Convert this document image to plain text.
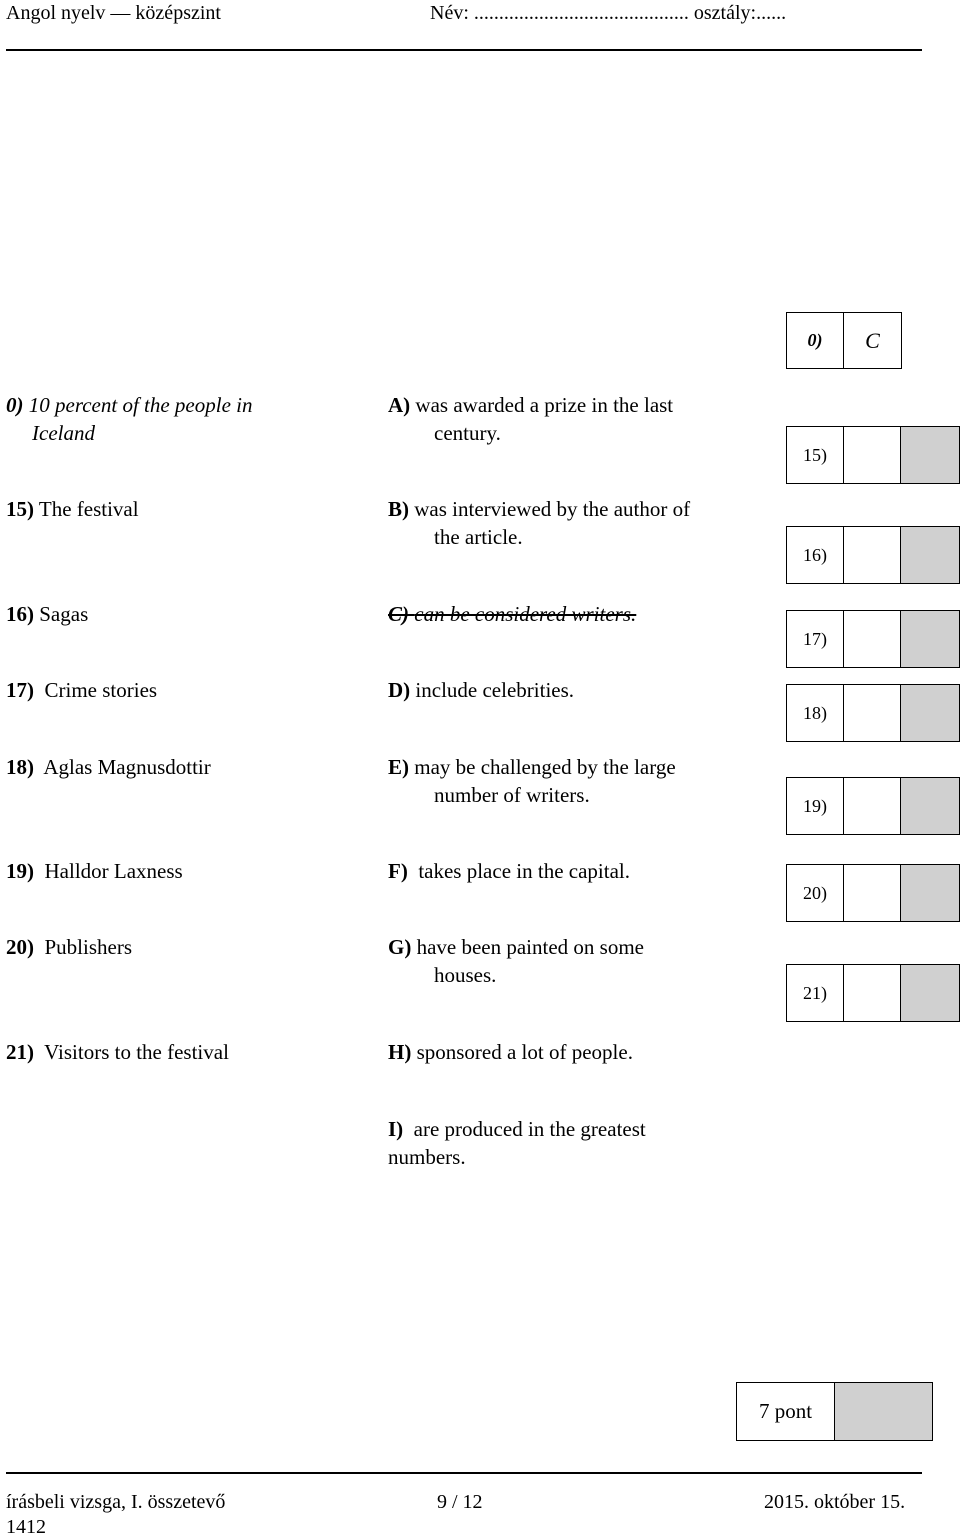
Angol nyelv — középszint	Név: ........................................... osztály:......
0)	C
0) 10 percent of the people in
Iceland
15) The festival
16) Sagas
17) Crime stories
18) Aglas Magnusdottir
19) Halldor Laxness
20) Publishers
21) Visitors to the festival
A) was awarded a prize in the last
century.
B) was interviewed by the author of
the article.
C) can be considered writers.
D) include celebrities.
E) may be challenged by the large
number of writers.
F) takes place in the capital.
G) have been painted on some
houses.
H) sponsored a lot of people.
I) are produced in the greatest
numbers.
15)
16)
17)
18)
19)
20)
21)
7 pont
írásbeli vizsga, I. összetevő	9 / 12	2015. október 15.
1412
